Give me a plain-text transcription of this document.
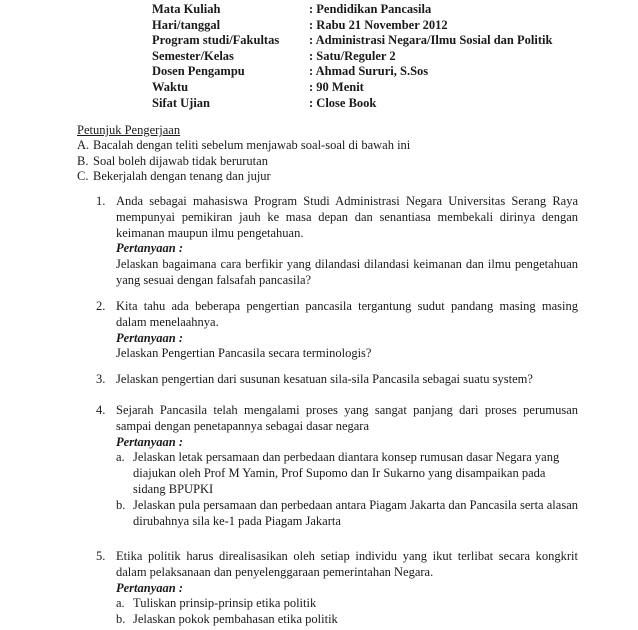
Mata Kuliah	: Pendidikan Pancasila
Hari/tanggal	: Rabu 21 November 2012
Program studi/Fakultas	: Administrasi Negara/Ilmu Sosial dan Politik
Semester/Kelas	: Satu/Reguler 2
Dosen Pengampu	: Ahmad Sururi, S.Sos
Waktu	: 90 Menit
Sifat Ujian	: Close Book
Petunjuk Pengerjaan
A. Bacalah dengan teliti sebelum menjawab soal-soal di bawah ini
B. Soal boleh dijawab tidak berurutan
C. Bekerjalah dengan tenang dan jujur
1. Anda sebagai mahasiswa Program Studi Administrasi Negara Universitas Serang Raya mempunyai pemikiran jauh ke masa depan dan senantiasa membekali dirinya dengan keimanan maupun ilmu pengetahuan.
Pertanyaan :
Jelaskan bagaimana cara berfikir yang dilandasi dilandasi keimanan dan ilmu pengetahuan yang sesuai dengan falsafah pancasila?
2. Kita tahu ada beberapa pengertian pancasila tergantung sudut pandang masing masing dalam menelaahnya.
Pertanyaan :
Jelaskan Pengertian Pancasila secara terminologis?
3. Jelaskan pengertian dari susunan kesatuan sila-sila Pancasila sebagai suatu system?
4. Sejarah Pancasila telah mengalami proses yang sangat panjang dari proses perumusan sampai dengan penetapannya sebagai dasar negara
Pertanyaan :
a. Jelaskan letak persamaan dan perbedaan diantara konsep rumusan dasar Negara yang diajukan oleh Prof M Yamin, Prof Supomo dan Ir Sukarno yang disampaikan pada sidang BPUPKI
b. Jelaskan pula persamaan dan perbedaan antara Piagam Jakarta dan Pancasila serta alasan dirubahnya sila ke-1 pada Piagam Jakarta
5. Etika politik harus direalisasikan oleh setiap individu yang ikut terlibat secara kongkrit dalam pelaksanaan dan penyelenggaraan pemerintahan Negara.
Pertanyaan :
a. Tuliskan prinsip-prinsip etika politik
b. Jelaskan pokok pembahasan etika politik
